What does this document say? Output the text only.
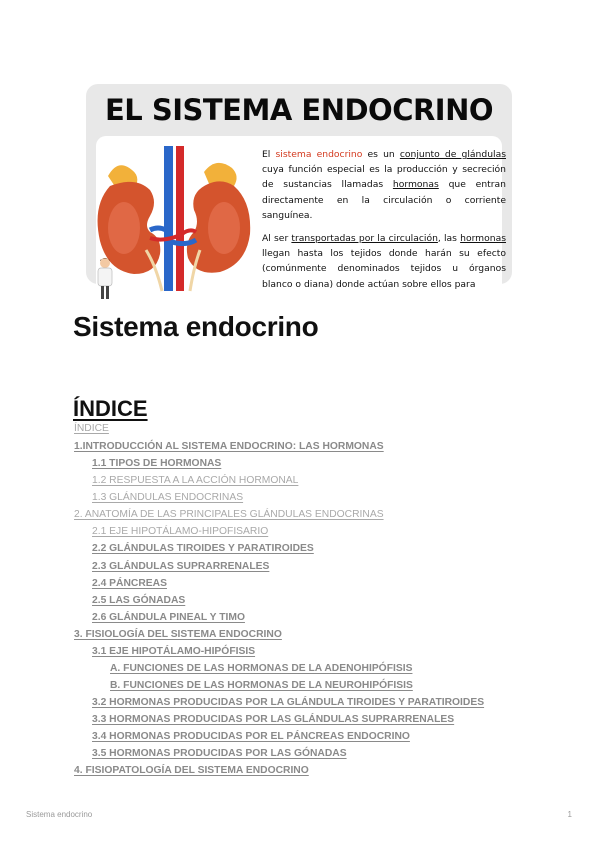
EL SISTEMA ENDOCRINO

El sistema endocrino es un conjunto de glándulas cuya función especial es la producción y secreción de sustancias llamadas hormonas que entran directamente en la circulación o corriente sanguínea.

Al ser transportadas por la circulación, las hormonas llegan hasta los tejidos donde harán su efecto (comúnmente denominados tejidos u órganos blanco o diana) donde actúan sobre ellos para

Sistema endocrino
ÍNDICE
ÍNDICE
1.INTRODUCCIÓN AL SISTEMA ENDOCRINO: LAS HORMONAS
1.1 TIPOS DE HORMONAS
1.2 RESPUESTA A LA ACCIÓN HORMONAL
1.3 GLÁNDULAS ENDOCRINAS
2. ANATOMÍA DE LAS PRINCIPALES GLÁNDULAS ENDOCRINAS
2.1 EJE HIPOTÁLAMO-HIPOFISARIO
2.2 GLÁNDULAS TIROIDES Y PARATIROIDES
2.3 GLÁNDULAS SUPRARRENALES
2.4 PÁNCREAS
2.5 LAS GÓNADAS
2.6 GLÁNDULA PINEAL Y TIMO
3. FISIOLOGÍA DEL SISTEMA ENDOCRINO
3.1 EJE HIPOTÁLAMO-HIPÓFISIS
A. FUNCIONES DE LAS HORMONAS DE LA ADENOHIPÓFISIS
B. FUNCIONES DE LAS HORMONAS DE LA NEUROHIPÓFISIS
3.2 HORMONAS PRODUCIDAS POR LA GLÁNDULA TIROIDES Y PARATIROIDES
3.3 HORMONAS PRODUCIDAS POR LAS GLÁNDULAS SUPRARRENALES
3.4 HORMONAS PRODUCIDAS POR EL PÁNCREAS ENDOCRINO
3.5 HORMONAS PRODUCIDAS POR LAS GÓNADAS
4. FISIOPATOLOGÍA DEL SISTEMA ENDOCRINO
Sistema endocrino	1
